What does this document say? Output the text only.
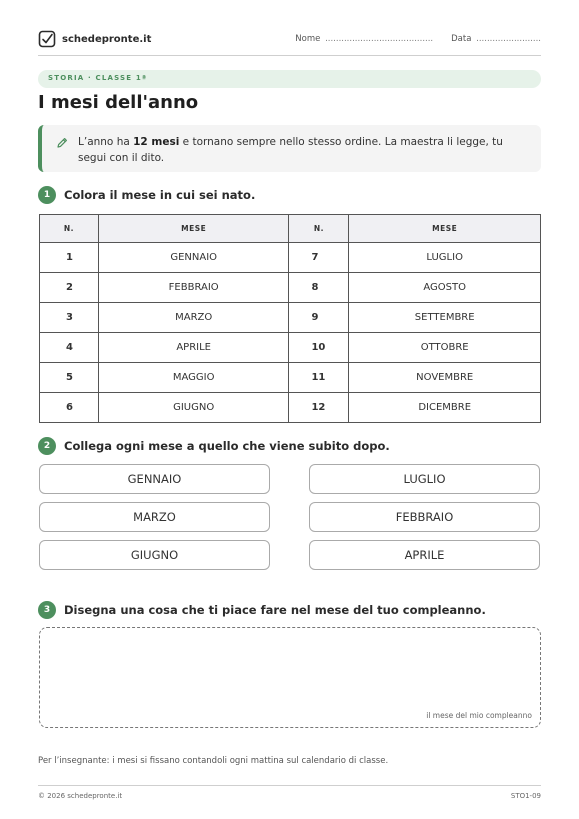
schedepronte.it	Nome ........................................ Data ........................
STORIA · CLASSE 1ª
I mesi dell'anno
L’anno ha 12 mesi e tornano sempre nello stesso ordine. La maestra li legge, tu segui con il dito.
1	Colora il mese in cui sei nato.
N.	MESE	N.	MESE
1	GENNAIO	7	LUGLIO
2	FEBBRAIO	8	AGOSTO
3	MARZO	9	SETTEMBRE
4	APRILE	10	OTTOBRE
5	MAGGIO	11	NOVEMBRE
6	GIUGNO	12	DICEMBRE
2	Collega ogni mese a quello che viene subito dopo.
GENNAIO
MARZO
GIUGNO
LUGLIO
FEBBRAIO
APRILE
3	Disegna una cosa che ti piace fare nel mese del tuo compleanno.
il mese del mio compleanno
Per l’insegnante: i mesi si fissano contandoli ogni mattina sul calendario di classe.
© 2026 schedepronte.it	STO1-09
